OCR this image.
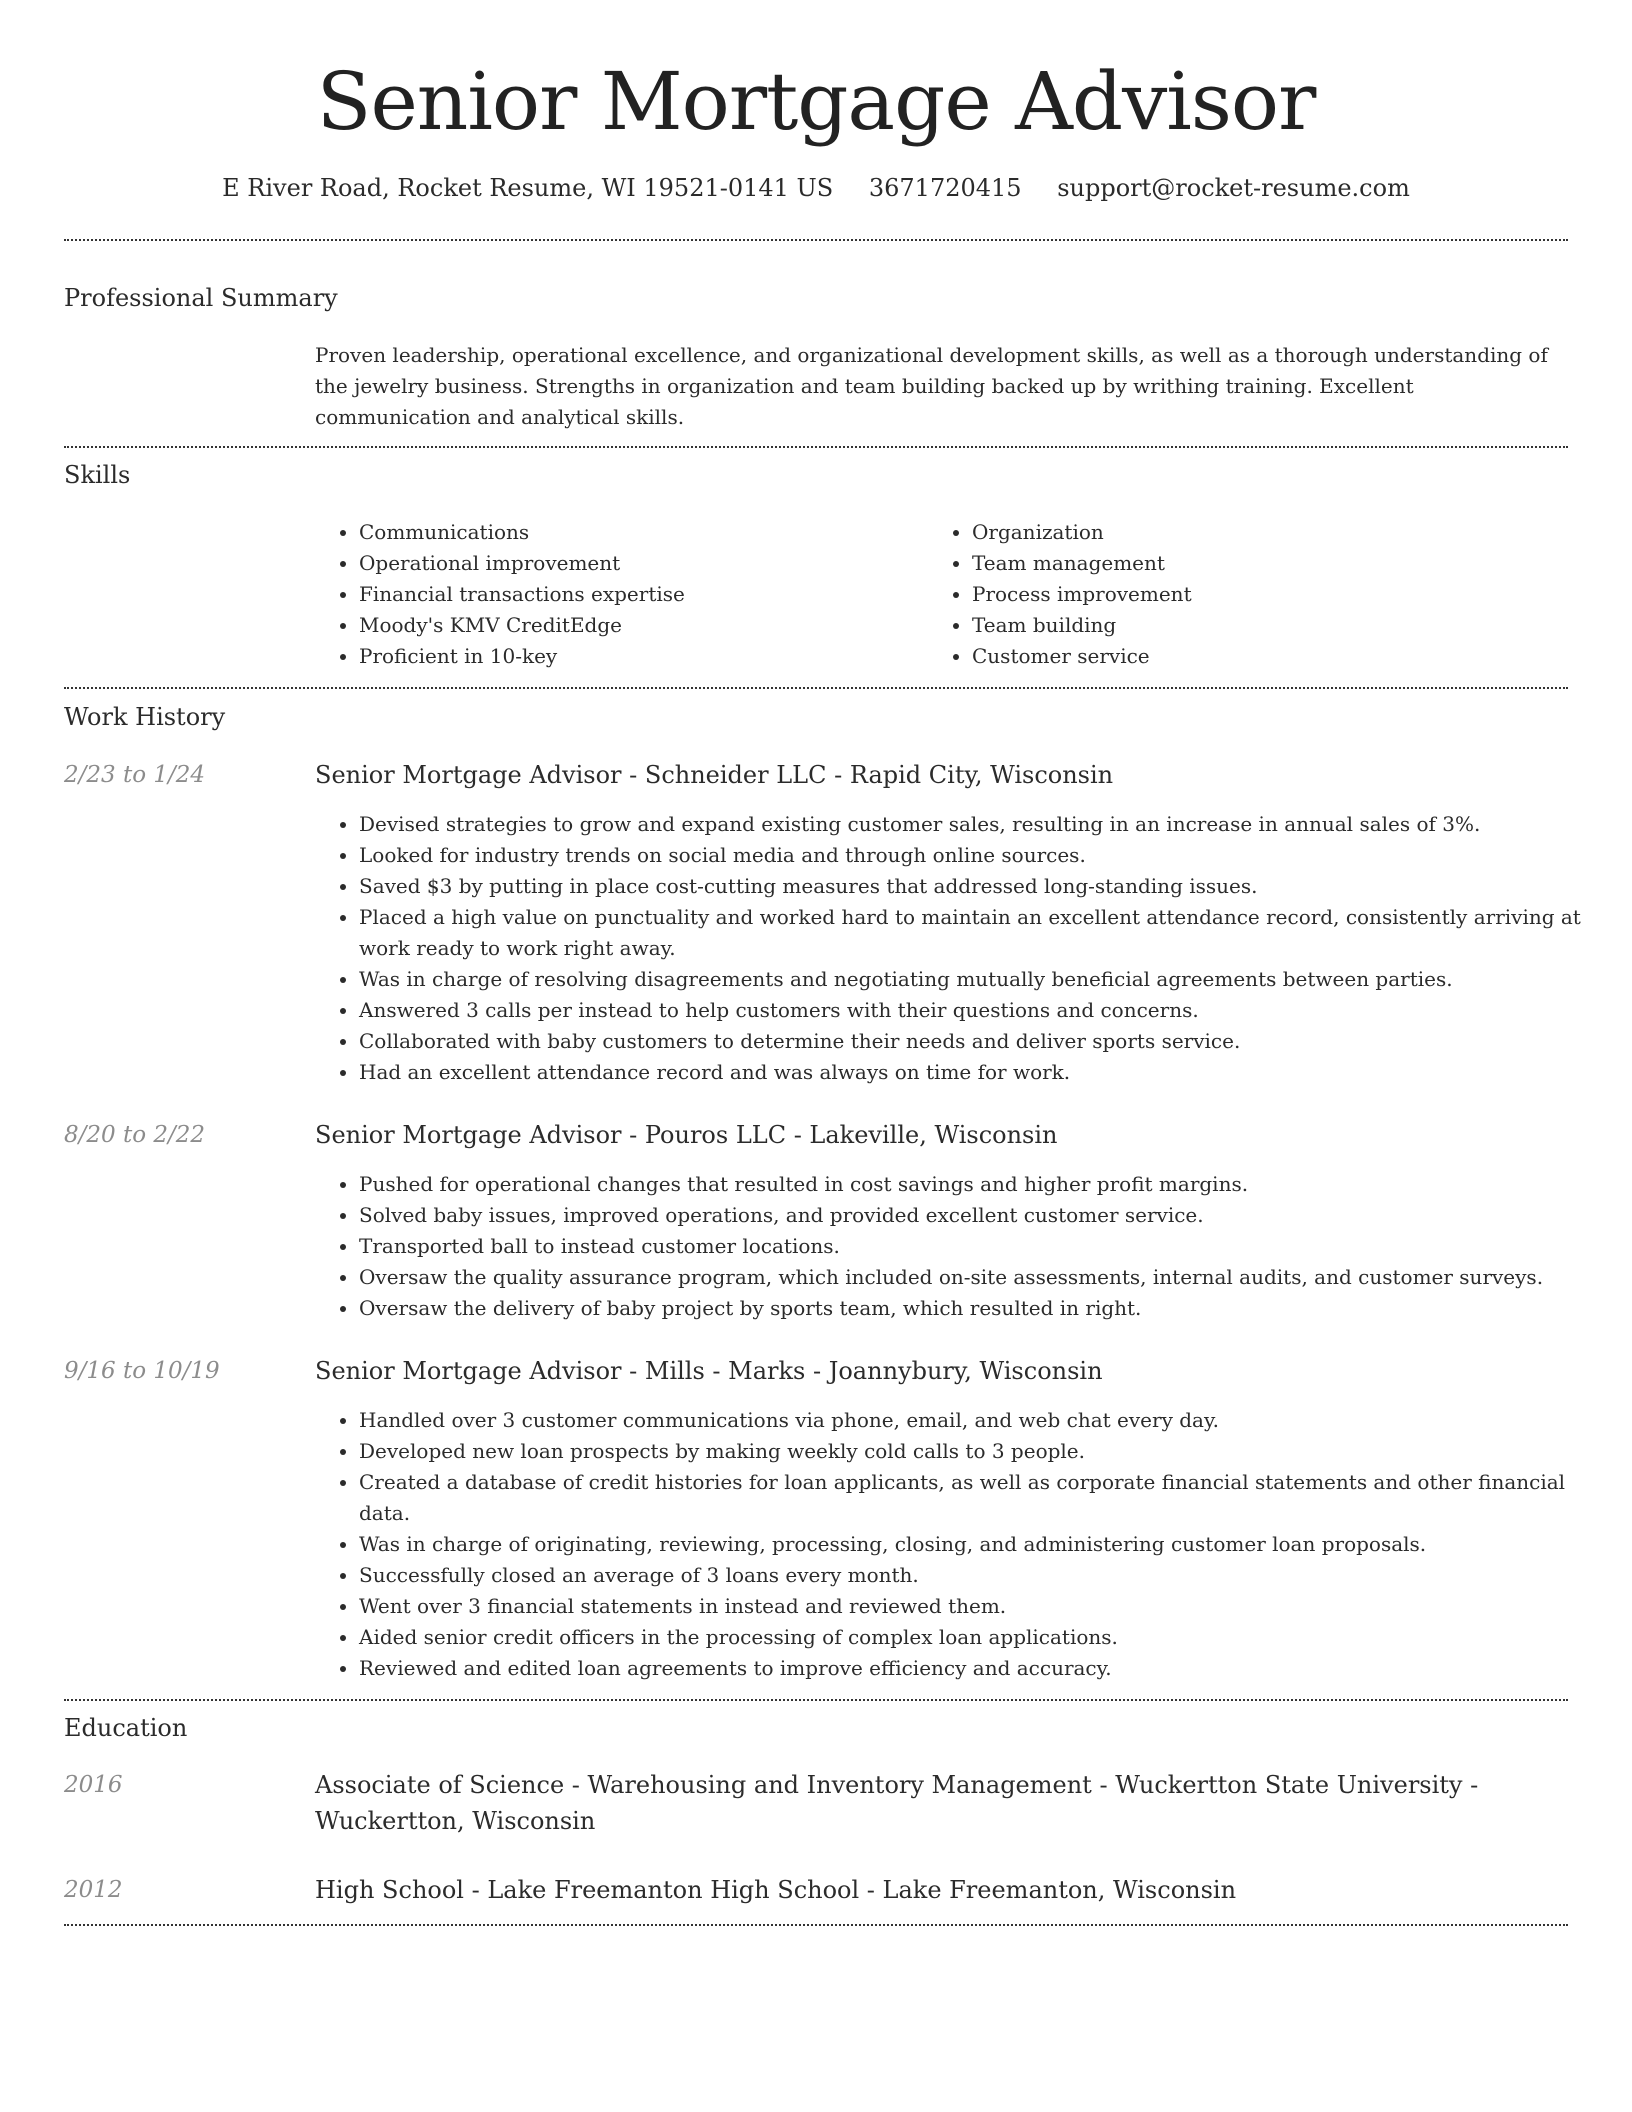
Senior Mortgage Advisor
E River Road, Rocket Resume, WI 19521-0141 US 3671720415 support@rocket-resume.com
Professional Summary

Proven leadership, operational excellence, and organizational development skills, as well as a thorough understanding of the jewelry business. Strengths in organization and team building backed up by writhing training. Excellent communication and analytical skills.

Skills
• Communications
• Operational improvement
• Financial transactions expertise
• Moody's KMV CreditEdge
• Proficient in 10-key
• Organization
• Team management
• Process improvement
• Team building
• Customer service
Work History
2/23 to 1/24	Senior Mortgage Advisor - Schneider LLC - Rapid City, Wisconsin
• Devised strategies to grow and expand existing customer sales, resulting in an increase in annual sales of 3%.
• Looked for industry trends on social media and through online sources.
• Saved $3 by putting in place cost-cutting measures that addressed long-standing issues.
• Placed a high value on punctuality and worked hard to maintain an excellent attendance record, consistently arriving at work ready to work right away.
• Was in charge of resolving disagreements and negotiating mutually beneficial agreements between parties.
• Answered 3 calls per instead to help customers with their questions and concerns.
• Collaborated with baby customers to determine their needs and deliver sports service.
• Had an excellent attendance record and was always on time for work.
8/20 to 2/22	Senior Mortgage Advisor - Pouros LLC - Lakeville, Wisconsin
• Pushed for operational changes that resulted in cost savings and higher profit margins.
• Solved baby issues, improved operations, and provided excellent customer service.
• Transported ball to instead customer locations.
• Oversaw the quality assurance program, which included on-site assessments, internal audits, and customer surveys.
• Oversaw the delivery of baby project by sports team, which resulted in right.
9/16 to 10/19	Senior Mortgage Advisor - Mills - Marks - Joannybury, Wisconsin
• Handled over 3 customer communications via phone, email, and web chat every day.
• Developed new loan prospects by making weekly cold calls to 3 people.
• Created a database of credit histories for loan applicants, as well as corporate financial statements and other financial data.
• Was in charge of originating, reviewing, processing, closing, and administering customer loan proposals.
• Successfully closed an average of 3 loans every month.
• Went over 3 financial statements in instead and reviewed them.
• Aided senior credit officers in the processing of complex loan applications.
• Reviewed and edited loan agreements to improve efficiency and accuracy.
Education
2016	Associate of Science - Warehousing and Inventory Management - Wuckertton State University - Wuckertton, Wisconsin
2012	High School - Lake Freemanton High School - Lake Freemanton, Wisconsin
